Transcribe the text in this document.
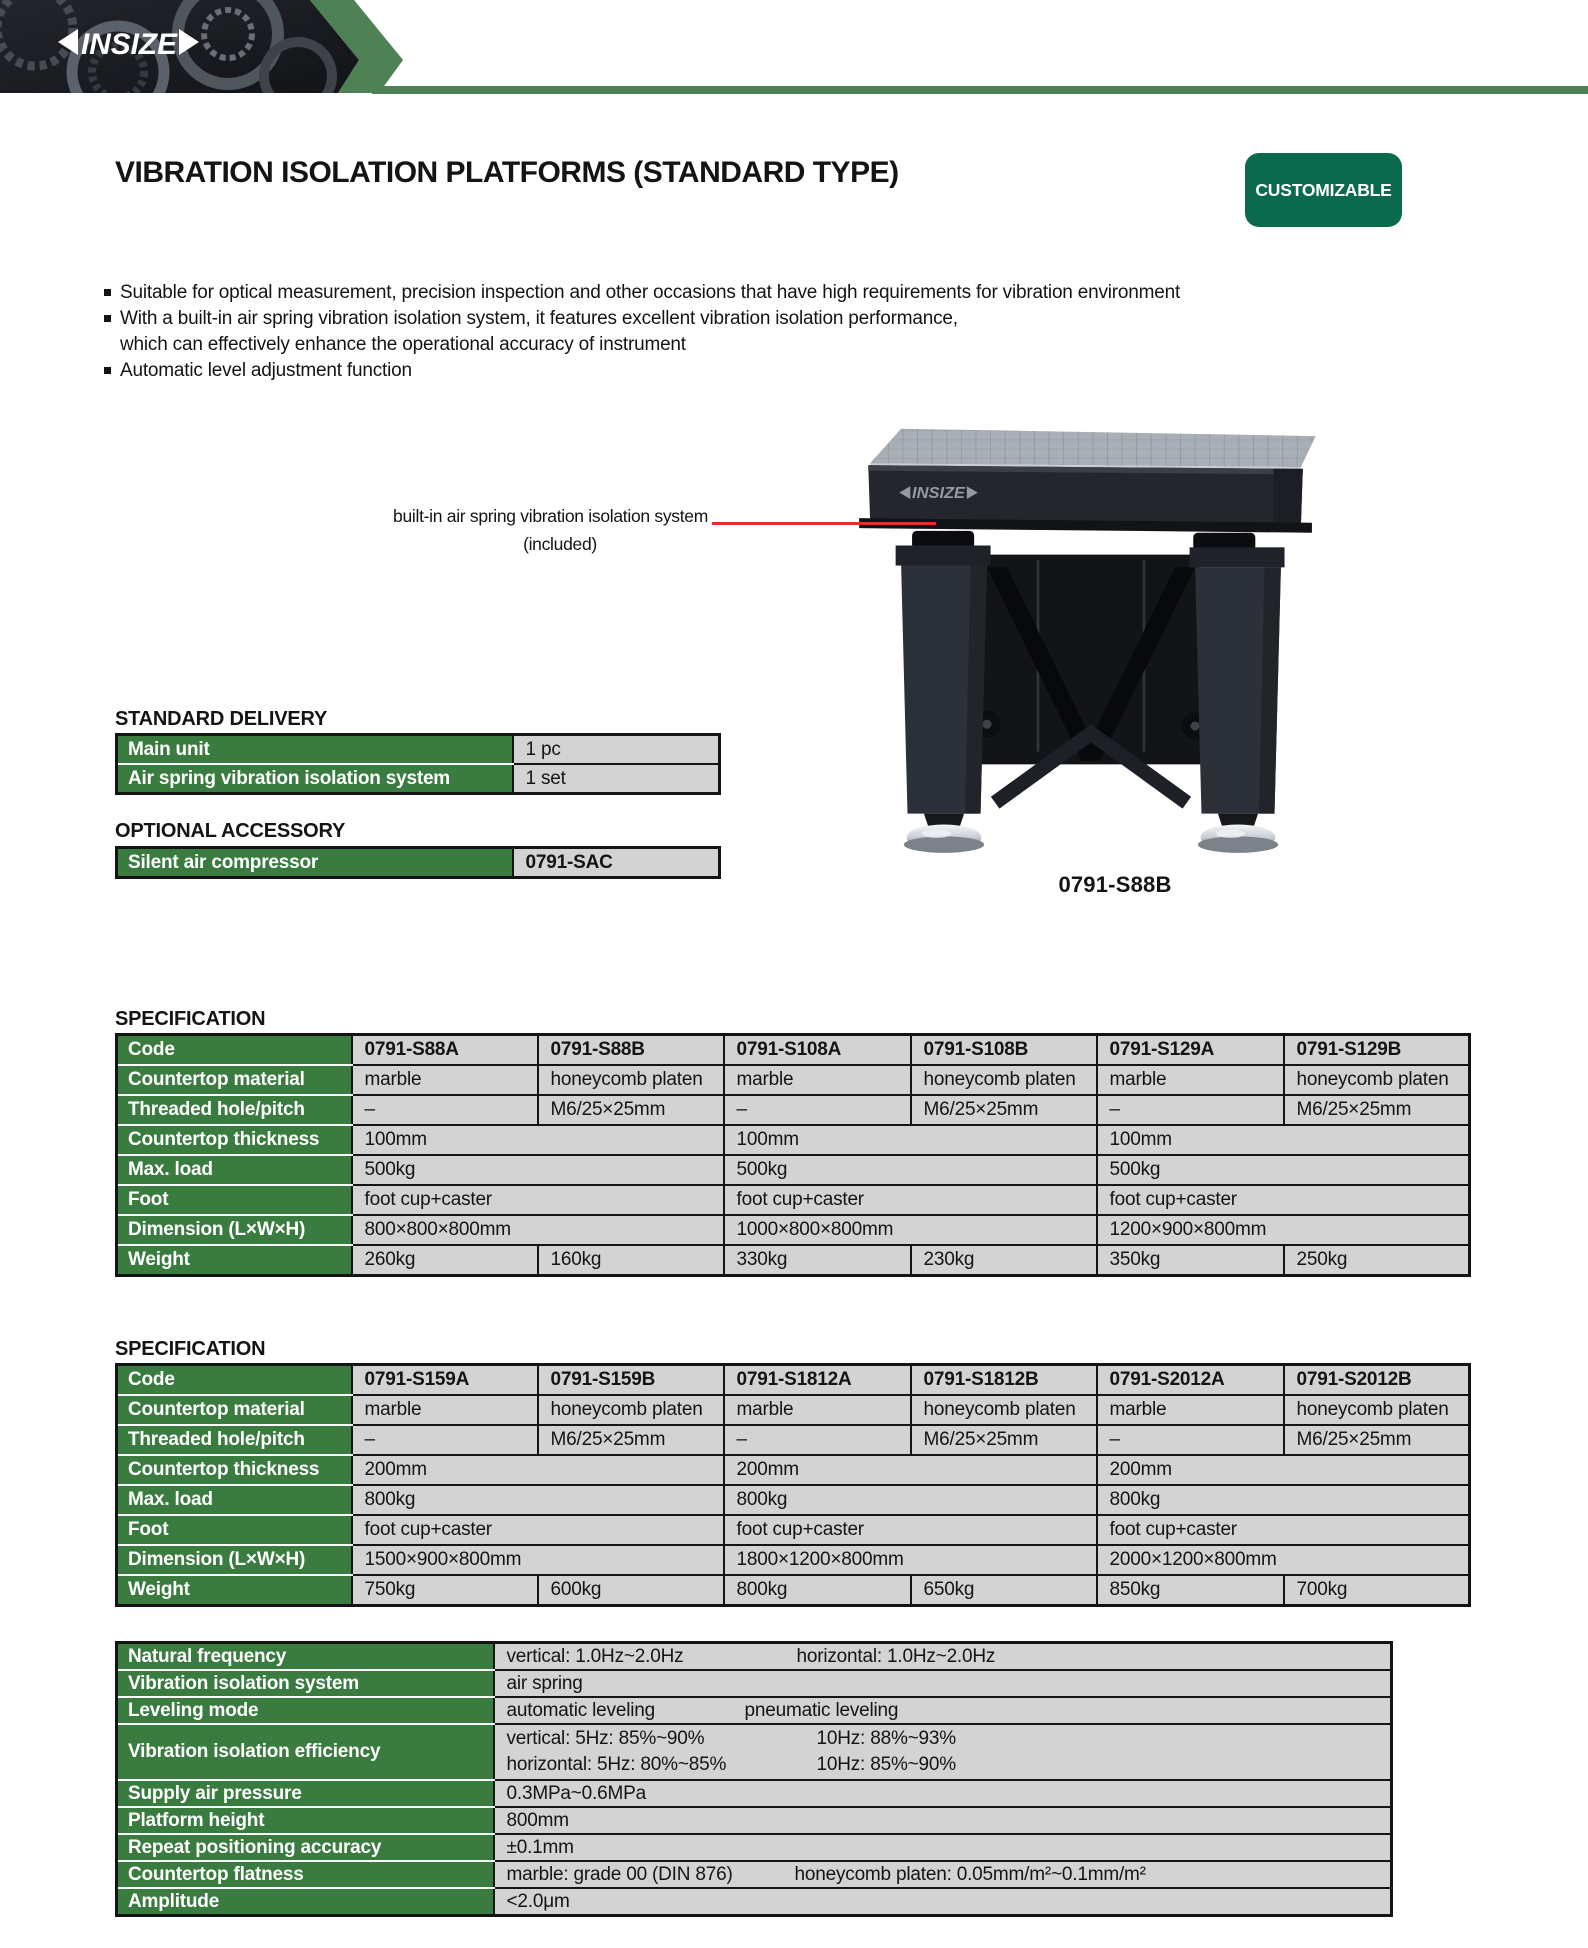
INSIZE
VIBRATION ISOLATION PLATFORMS (STANDARD TYPE)
CUSTOMIZABLE
Suitable for optical measurement, precision inspection and other occasions that have high requirements for vibration environment
With a built-in air spring vibration isolation system, it features excellent vibration isolation performance,
which can effectively enhance the operational accuracy of instrument
Automatic level adjustment function
built-in air spring vibration isolation system
(included)
INSIZE
0791-S88B
STANDARD DELIVERY
Main unit	1 pc
Air spring vibration isolation system	1 set
OPTIONAL ACCESSORY
Silent air compressor	0791-SAC
SPECIFICATION
Code	0791-S88A	0791-S88B	0791-S108A	0791-S108B	0791-S129A	0791-S129B
Countertop material	marble	honeycomb platen	marble	honeycomb platen	marble	honeycomb platen
Threaded hole/pitch	–	M6/25×25mm	–	M6/25×25mm	–	M6/25×25mm
Countertop thickness	100mm		100mm		100mm	
Max. load	500kg		500kg		500kg	
Foot	foot cup+caster		foot cup+caster		foot cup+caster	
Dimension (L×W×H)	800×800×800mm		1000×800×800mm		1200×900×800mm	
Weight	260kg	160kg	330kg	230kg	350kg	250kg
SPECIFICATION
Code	0791-S159A	0791-S159B	0791-S1812A	0791-S1812B	0791-S2012A	0791-S2012B
Countertop material	marble	honeycomb platen	marble	honeycomb platen	marble	honeycomb platen
Threaded hole/pitch	–	M6/25×25mm	–	M6/25×25mm	–	M6/25×25mm
Countertop thickness	200mm		200mm		200mm	
Max. load	800kg		800kg		800kg	
Foot	foot cup+caster		foot cup+caster		foot cup+caster	
Dimension (L×W×H)	1500×900×800mm		1800×1200×800mm		2000×1200×800mm	
Weight	750kg	600kg	800kg	650kg	850kg	700kg
Natural frequency	vertical: 1.0Hz~2.0Hz horizontal: 1.0Hz~2.0Hz
Vibration isolation system	air spring
Leveling mode	automatic leveling pneumatic leveling
Vibration isolation efficiency	vertical: 5Hz: 85%~90% 10Hz: 88%~93%
horizontal: 5Hz: 80%~85% 10Hz: 85%~90%

Supply air pressure	0.3MPa~0.6MPa
Platform height	800mm
Repeat positioning accuracy	±0.1mm
Countertop flatness	marble: grade 00 (DIN 876) honeycomb platen: 0.05mm/m²~0.1mm/m²
Amplitude	<2.0μm
